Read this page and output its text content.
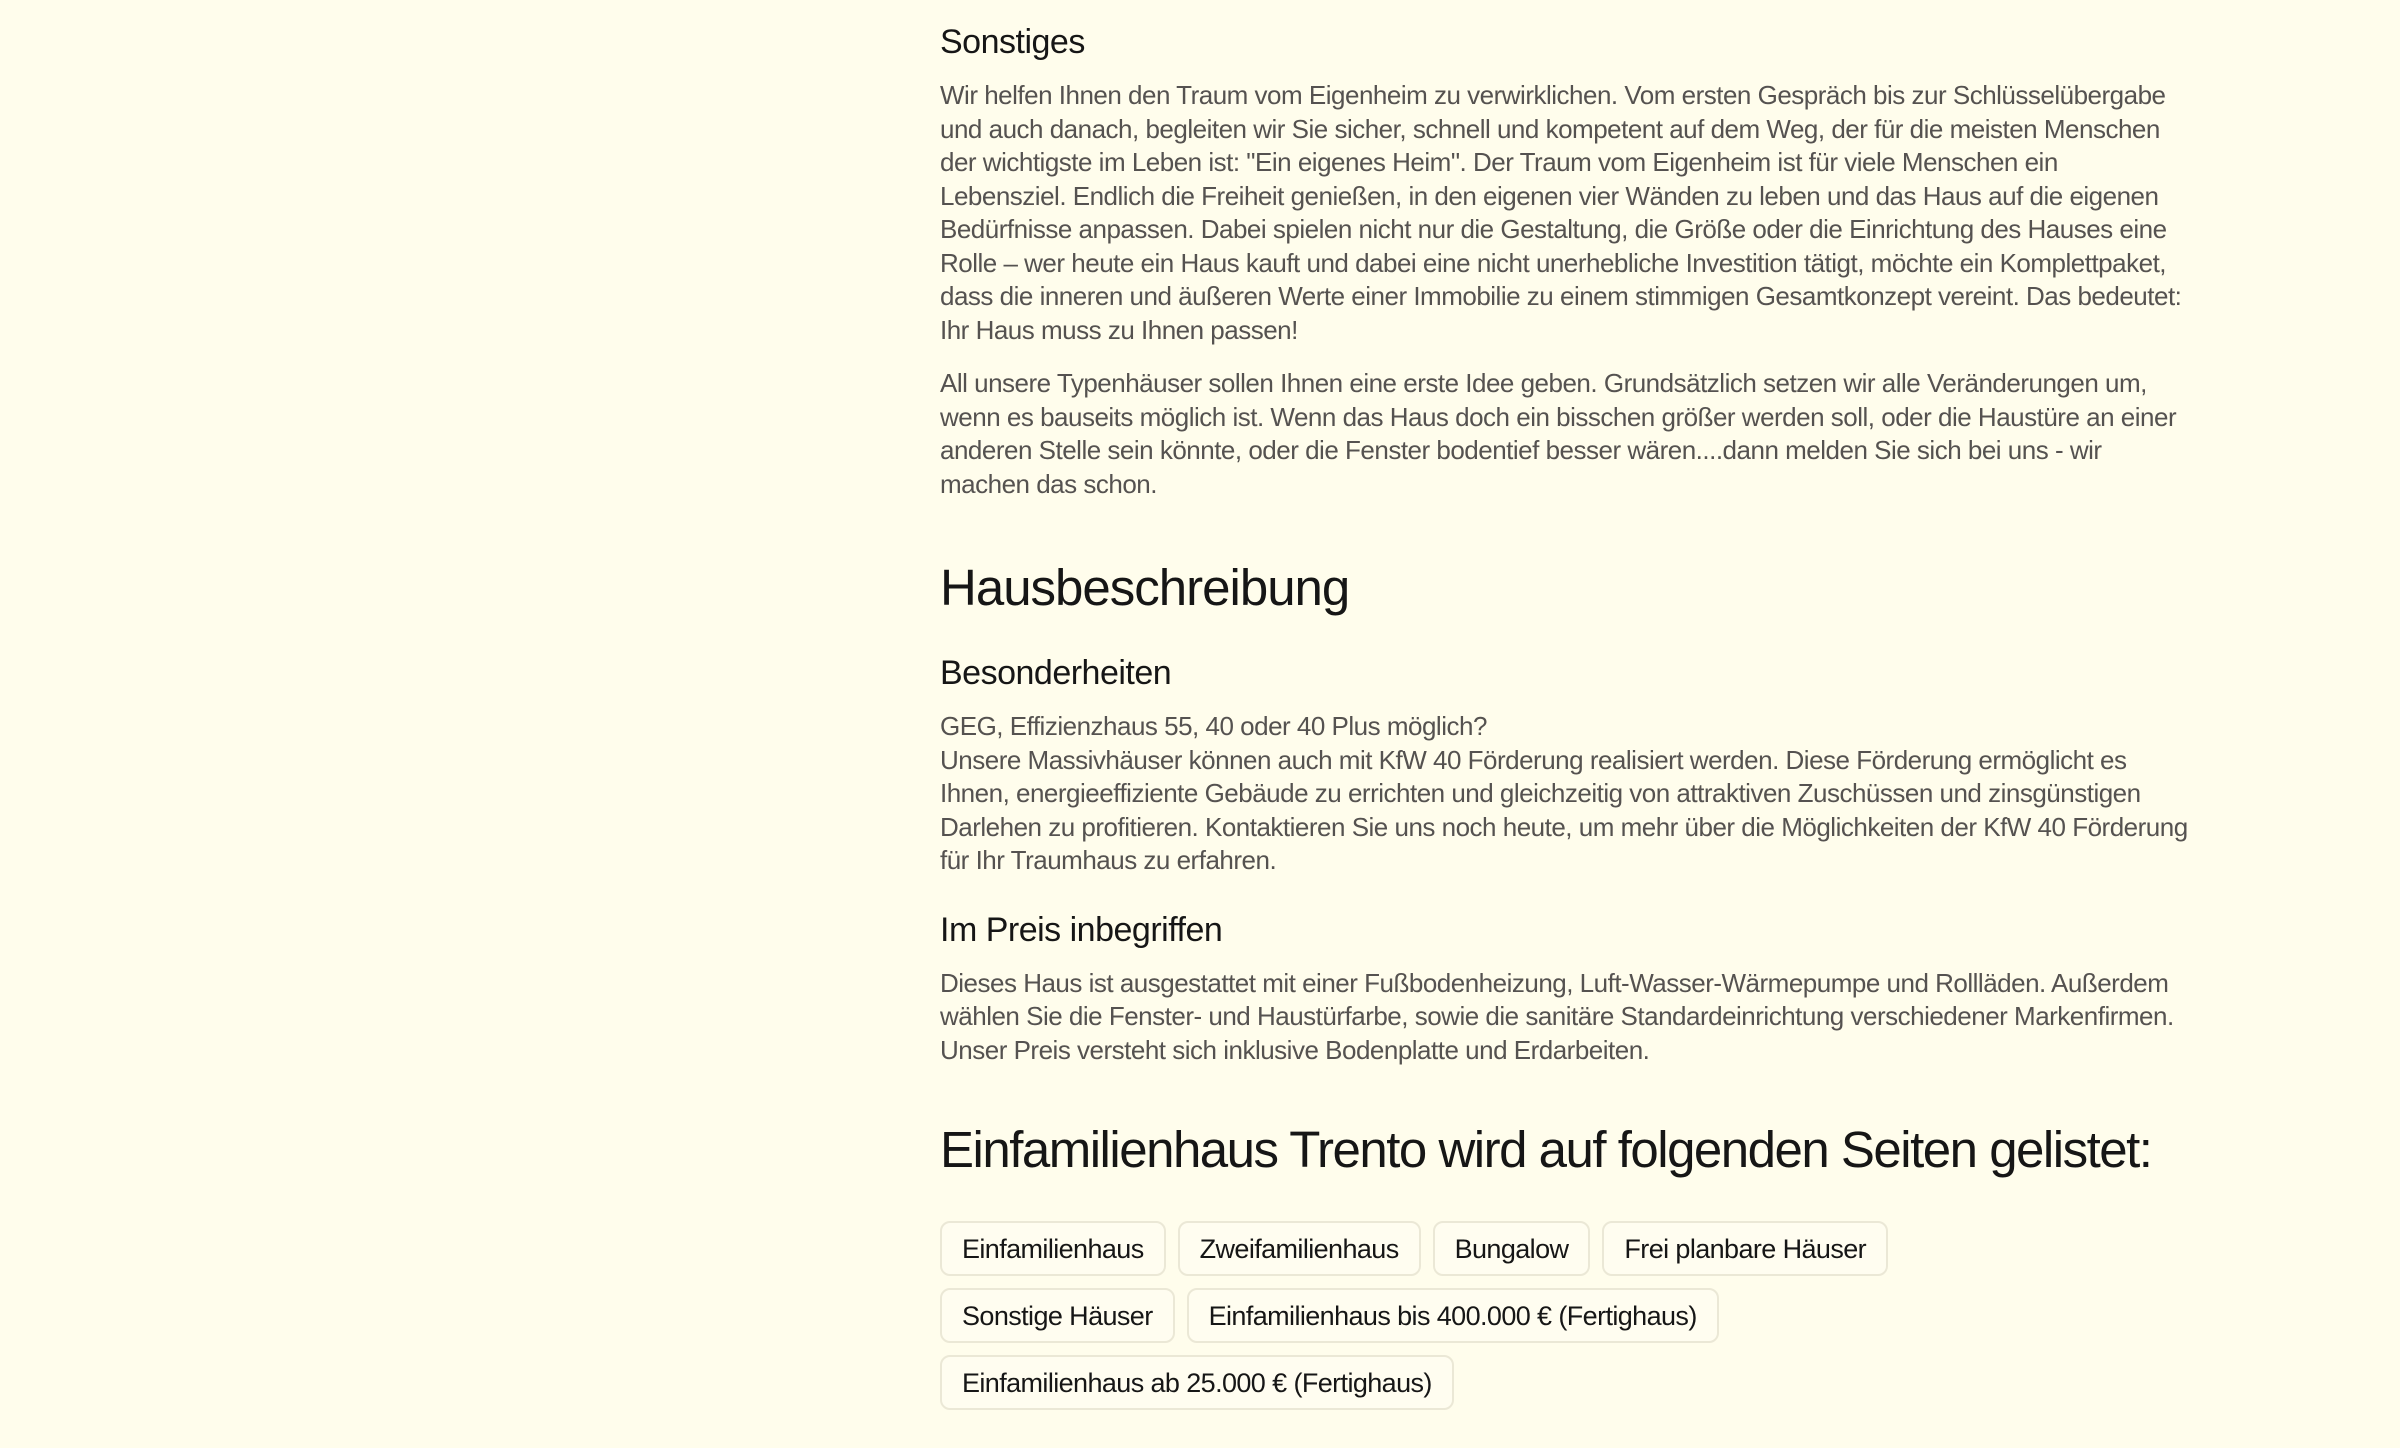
Sonstiges

Wir helfen Ihnen den Traum vom Eigenheim zu verwirklichen. Vom ersten Gespräch bis zur Schlüsselübergabe und auch danach, begleiten wir Sie sicher, schnell und kompetent auf dem Weg, der für die meisten Menschen der wichtigste im Leben ist: "Ein eigenes Heim". Der Traum vom Eigenheim ist für viele Menschen ein Lebensziel. Endlich die Freiheit genießen, in den eigenen vier Wänden zu leben und das Haus auf die eigenen Bedürfnisse anpassen. Dabei spielen nicht nur die Gestaltung, die Größe oder die Einrichtung des Hauses eine Rolle – wer heute ein Haus kauft und dabei eine nicht unerhebliche Investition tätigt, möchte ein Komplettpaket, dass die inneren und äußeren Werte einer Immobilie zu einem stimmigen Gesamtkonzept vereint. Das bedeutet: Ihr Haus muss zu Ihnen passen!

All unsere Typenhäuser sollen Ihnen eine erste Idee geben. Grundsätzlich setzen wir alle Veränderungen um, wenn es bauseits möglich ist. Wenn das Haus doch ein bisschen größer werden soll, oder die Haustüre an einer anderen Stelle sein könnte, oder die Fenster bodentief besser wären....dann melden Sie sich bei uns - wir machen das schon.

Hausbeschreibung
Besonderheiten

GEG, Effizienzhaus 55, 40 oder 40 Plus möglich?
Unsere Massivhäuser können auch mit KfW 40 Förderung realisiert werden. Diese Förderung ermöglicht es Ihnen, energieeffiziente Gebäude zu errichten und gleichzeitig von attraktiven Zuschüssen und zinsgünstigen Darlehen zu profitieren. Kontaktieren Sie uns noch heute, um mehr über die Möglichkeiten der KfW 40 Förderung für Ihr Traumhaus zu erfahren.

Im Preis inbegriffen

Dieses Haus ist ausgestattet mit einer Fußbodenheizung, Luft-Wasser-Wärmepumpe und Rollläden. Außerdem wählen Sie die Fenster- und Haustürfarbe, sowie die sanitäre Standardeinrichtung verschiedener Markenfirmen. Unser Preis versteht sich inklusive Bodenplatte und Erdarbeiten.

Einfamilienhaus Trento wird auf folgenden Seiten gelistet:
Einfamilienhaus	Zweifamilienhaus	Bungalow	Frei planbare Häuser
Sonstige Häuser	Einfamilienhaus bis 400.000 € (Fertighaus)
Einfamilienhaus ab 25.000 € (Fertighaus)
